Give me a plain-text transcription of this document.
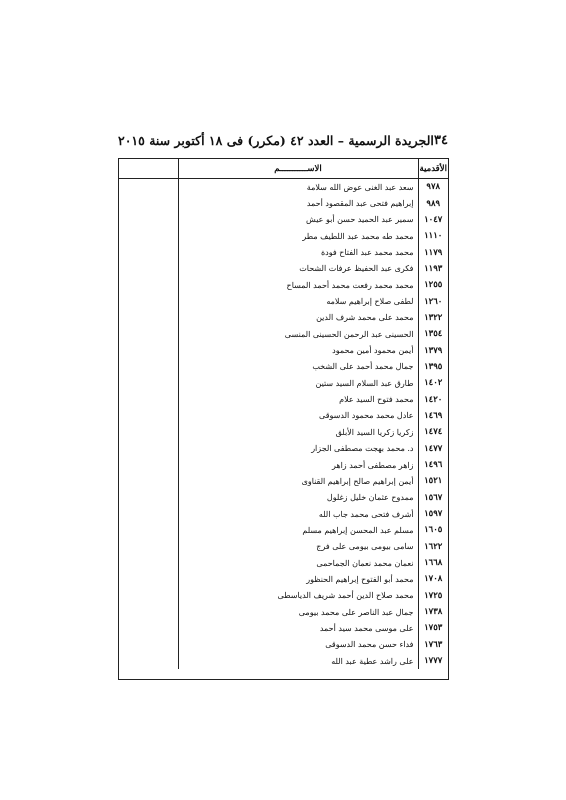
الجريدة الرسمية – العدد ٤٢ (مكرر) فى ١٨ أكتوبر سنة ٢٠١٥ ٣٤
الأقدمية	الاســـــــــــم	
٩٧٨	سعد عبد الغنى عوض الله سلامة	
٩٨٩	إبراهيم فتحى عبد المقصود أحمد	
١٠٤٧	سمير عبد الحميد حسن أبو عيش	
١١١٠	محمد طه محمد عبد اللطيف مطر	
١١٧٩	محمد محمد عبد الفتاح فودة	
١١٩٣	فكرى عبد الحفيظ عرفات الشحات	
١٢٥٥	محمد محمد رفعت محمد أحمد المساح	
١٢٦٠	لطفى صلاح إبراهيم سلامه	
١٣٢٢	محمد على محمد شرف الدين	
١٣٥٤	الحسينى عبد الرحمن الحسينى المنسى	
١٣٧٩	أيمن محمود أمين محمود	
١٣٩٥	جمال محمد أحمد على الشخب	
١٤٠٢	طارق عبد السلام السيد ستين	
١٤٢٠	محمد فتوح السيد علام	
١٤٦٩	عادل محمد محمود الدسوقى	
١٤٧٤	زكريا زكريا السيد الأبلق	
١٤٧٧	د. محمد بهجت مصطفى الجزار	
١٤٩٦	زاهر مصطفى أحمد زاهر	
١٥٢١	أيمن إبراهيم صالح إبراهيم القناوى	
١٥٦٧	ممدوح عثمان خليل زغلول	
١٥٩٧	أشرف فتحى محمد جاب الله	
١٦٠٥	مسلم عبد المحسن إبراهيم مسلم	
١٦٢٢	سامى بيومى بيومى على فرج	
١٦٦٨	نعمان محمد نعمان الجماحمى	
١٧٠٨	محمد أبو الفتوح إبراهيم الحنظور	
١٧٢٥	محمد صلاح الدين أحمد شريف الدياسطى	
١٧٣٨	جمال عبد الناصر على محمد بيومى	
١٧٥٣	على موسى محمد سيد أحمد	
١٧٦٣	فداء حسن محمد الدسوقى	
١٧٧٧	على راشد عطية عبد الله	
